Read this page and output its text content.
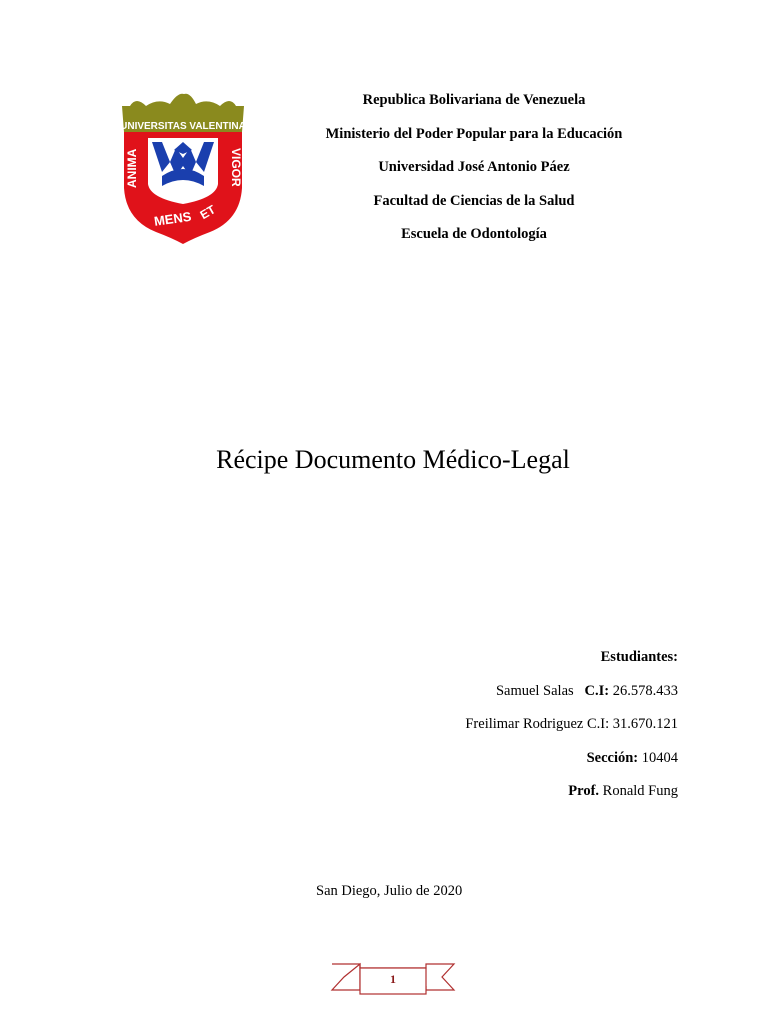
UNIVERSITAS VALENTINA
ANIMA	VIGOR
MENS ET
Republica Bolivariana de Venezuela
Ministerio del Poder Popular para la Educación
Universidad José Antonio Páez
Facultad de Ciencias de la Salud
Escuela de Odontología
Récipe Documento Médico-Legal
Estudiantes:
Samuel Salas C.I: 26.578.433
Freilimar Rodriguez C.I: 31.670.121
Sección: 10404
Prof. Ronald Fung
San Diego, Julio de 2020
1
